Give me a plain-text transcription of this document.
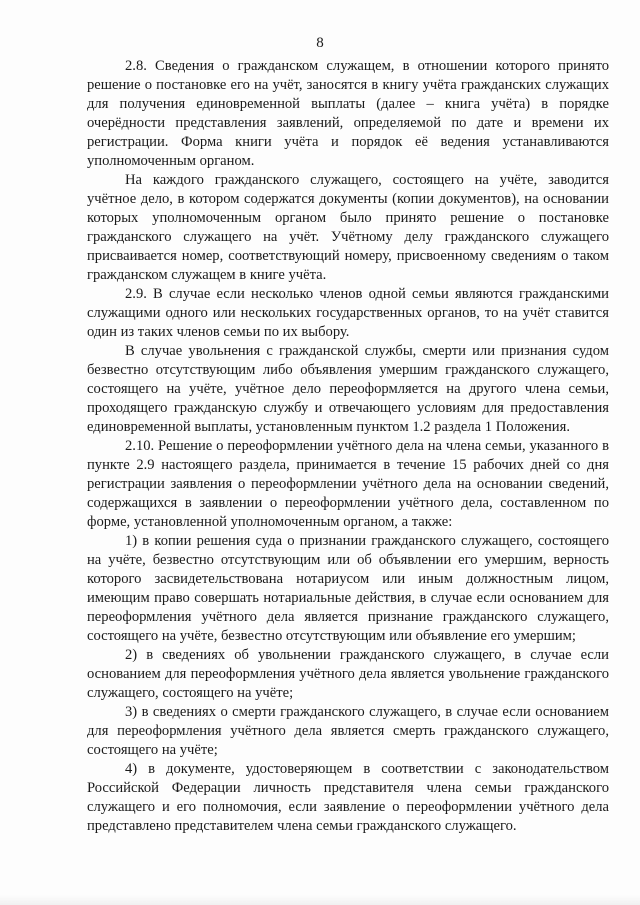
8

2.8. Сведения о гражданском служащем, в отношении которого принято решение о постановке его на учёт, заносятся в книгу учёта гражданских служащих для получения единовременной выплаты (далее – книга учёта) в порядке очерёдности представления заявлений, определяемой по дате и времени их регистрации. Форма книги учёта и порядок её ведения устанавливаются уполномоченным органом.

На каждого гражданского служащего, состоящего на учёте, заводится учётное дело, в котором содержатся документы (копии документов), на основании которых уполномоченным органом было принято решение о постановке гражданского служащего на учёт. Учётному делу гражданского служащего присваивается номер, соответствующий номеру, присвоенному сведениям о таком гражданском служащем в книге учёта.

2.9. В случае если несколько членов одной семьи являются гражданскими служащими одного или нескольких государственных органов, то на учёт ставится один из таких членов семьи по их выбору.

В случае увольнения с гражданской службы, смерти или признания судом безвестно отсутствующим либо объявления умершим гражданского служащего, состоящего на учёте, учётное дело переоформляется на другого члена семьи, проходящего гражданскую службу и отвечающего условиям для предоставления единовременной выплаты, установленным пунктом 1.2 раздела 1 Положения.

2.10. Решение о переоформлении учётного дела на члена семьи, указанного в пункте 2.9 настоящего раздела, принимается в течение 15 рабочих дней со дня регистрации заявления о переоформлении учётного дела на основании сведений, содержащихся в заявлении о переоформлении учётного дела, составленном по форме, установленной уполномоченным органом, а также:

1) в копии решения суда о признании гражданского служащего, состоящего на учёте, безвестно отсутствующим или об объявлении его умершим, верность которого засвидетельствована нотариусом или иным должностным лицом, имеющим право совершать нотариальные действия, в случае если основанием для переоформления учётного дела является признание гражданского служащего, состоящего на учёте, безвестно отсутствующим или объявление его умершим;

2) в сведениях об увольнении гражданского служащего, в случае если основанием для переоформления учётного дела является увольнение гражданского служащего, состоящего на учёте;

3) в сведениях о смерти гражданского служащего, в случае если основанием для переоформления учётного дела является смерть гражданского служащего, состоящего на учёте;

4) в документе, удостоверяющем в соответствии с законодательством Российской Федерации личность представителя члена семьи гражданского служащего и его полномочия, если заявление о переоформлении учётного дела представлено представителем члена семьи гражданского служащего.
